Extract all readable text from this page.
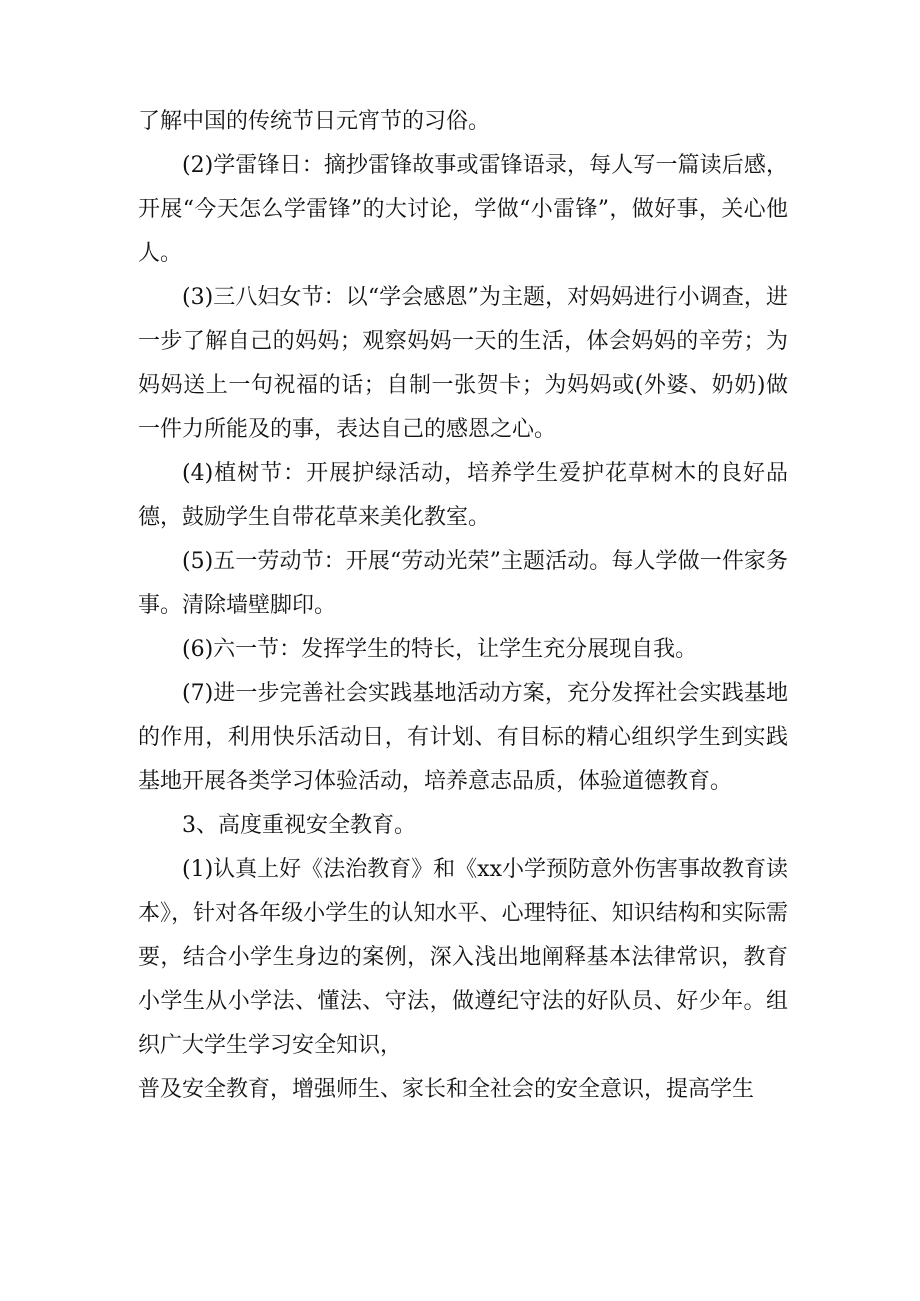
了解中国的传统节日元宵节的习俗。

(2)学雷锋日：摘抄雷锋故事或雷锋语录，每人写一篇读后感，开展“今天怎么学雷锋”的大讨论，学做“小雷锋”，做好事，关心他人。

(3)三八妇女节：以“学会感恩”为主题，对妈妈进行小调查，进一步了解自己的妈妈；观察妈妈一天的生活，体会妈妈的辛劳；为妈妈送上一句祝福的话；自制一张贺卡；为妈妈或(外婆、奶奶)做一件力所能及的事，表达自己的感恩之心。

(4)植树节：开展护绿活动，培养学生爱护花草树木的良好品德，鼓励学生自带花草来美化教室。

(5)五一劳动节：开展“劳动光荣”主题活动。每人学做一件家务事。清除墙壁脚印。

(6)六一节：发挥学生的特长，让学生充分展现自我。

(7)进一步完善社会实践基地活动方案，充分发挥社会实践基地的作用，利用快乐活动日，有计划、有目标的精心组织学生到实践基地开展各类学习体验活动，培养意志品质，体验道德教育。

3、高度重视安全教育。

(1)认真上好《法治教育》和《xx小学预防意外伤害事故教育读本》，针对各年级小学生的认知水平、心理特征、知识结构和实际需要，结合小学生身边的案例，深入浅出地阐释基本法律常识，教育小学生从小学法、懂法、守法，做遵纪守法的好队员、好少年。组织广大学生学习安全知识，

普及安全教育，增强师生、家长和全社会的安全意识，提高学生
